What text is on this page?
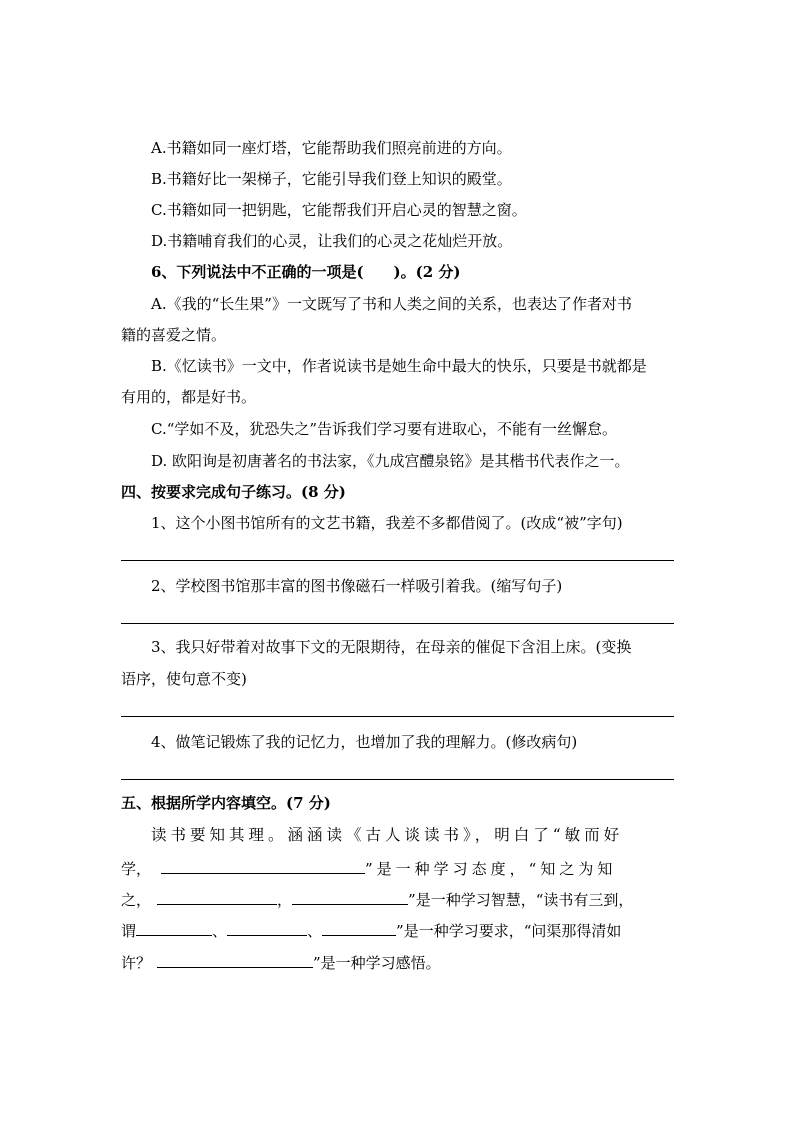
A.书籍如同一座灯塔，它能帮助我们照亮前进的方向。
B.书籍好比一架梯子，它能引导我们登上知识的殿堂。
C.书籍如同一把钥匙，它能帮我们开启心灵的智慧之窗。
D.书籍哺育我们的心灵，让我们的心灵之花灿烂开放。
6、下列说法中不正确的一项是(　　)。(2 分)
A.《我的“长生果”》一文既写了书和人类之间的关系，也表达了作者对书
籍的喜爱之情。
B.《忆读书》一文中，作者说读书是她生命中最大的快乐，只要是书就都是
有用的，都是好书。
C.“学如不及，犹恐失之”告诉我们学习要有进取心，不能有一丝懈怠。
D. 欧阳询是初唐著名的书法家，《九成宫醴泉铭》是其楷书代表作之一。
四、按要求完成句子练习。(8 分)
1、这个小图书馆所有的文艺书籍，我差不多都借阅了。(改成“被”字句)
2、学校图书馆那丰富的图书像磁石一样吸引着我。(缩写句子)
3、我只好带着对故事下文的无限期待，在母亲的催促下含泪上床。(变换
语序，使句意不变)
4、做笔记锻炼了我的记忆力，也增加了我的理解力。(修改病句)
五、根据所学内容填空。(7 分)
读书要知其理。涵涵读《古人谈读书》，明白了“敏而好
学，	”是一种学习态度，“知之为知
之，	，	”是一种学习智慧，“读书有三到，
谓	、	、	”是一种学习要求，“问渠那得清如
许？	”是一种学习感悟。
